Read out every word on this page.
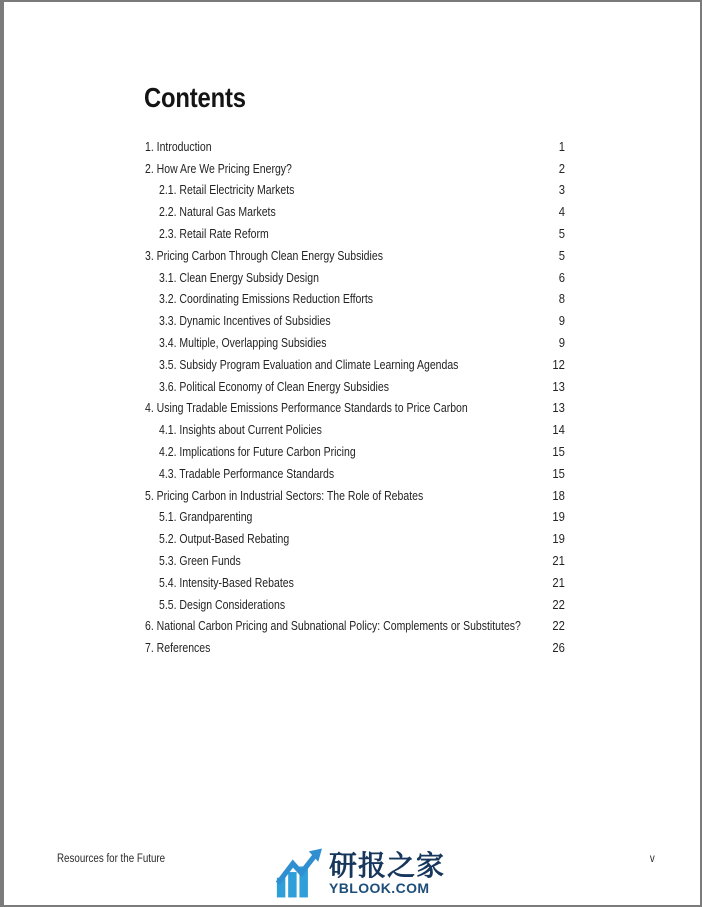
Contents
1. Introduction	1
2. How Are We Pricing Energy?	2
2.1. Retail Electricity Markets	3
2.2. Natural Gas Markets	4
2.3. Retail Rate Reform	5
3. Pricing Carbon Through Clean Energy Subsidies	5
3.1. Clean Energy Subsidy Design	6
3.2. Coordinating Emissions Reduction Efforts	8
3.3. Dynamic Incentives of Subsidies	9
3.4. Multiple, Overlapping Subsidies	9
3.5. Subsidy Program Evaluation and Climate Learning Agendas	12
3.6. Political Economy of Clean Energy Subsidies	13
4. Using Tradable Emissions Performance Standards to Price Carbon	13
4.1. Insights about Current Policies	14
4.2. Implications for Future Carbon Pricing	15
4.3. Tradable Performance Standards	15
5. Pricing Carbon in Industrial Sectors: The Role of Rebates	18
5.1. Grandparenting	19
5.2. Output-Based Rebating	19
5.3. Green Funds	21
5.4. Intensity-Based Rebates	21
5.5. Design Considerations	22
6. National Carbon Pricing and Subnational Policy: Complements or Substitutes?	22
7. References	26
Resources for the Future	v
研报之家
YBLOOK.COM
